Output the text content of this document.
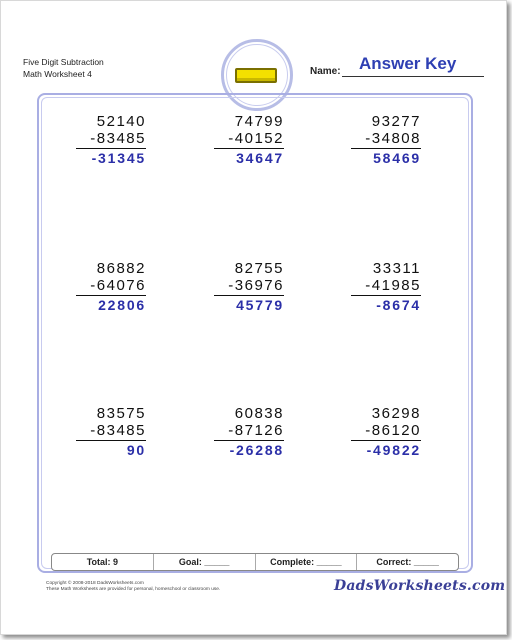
Five Digit Subtraction
Math Worksheet 4	Name: Answer Key
52140
-83485
-31345
74799
-40152
34647
93277
-34808
58469
86882
-64076
22806
82755
-36976
45779
33311
-41985
-8674
83575
-83485
90
60838
-87126
-26288
36298
-86120
-49822
Total: 9	Goal: _____	Complete: _____	Correct: _____
Copyright © 2008-2018 DadsWorksheets.com
These Math Worksheets are provided for personal, homeschool or classroom use.	DadsWorksheets.com
